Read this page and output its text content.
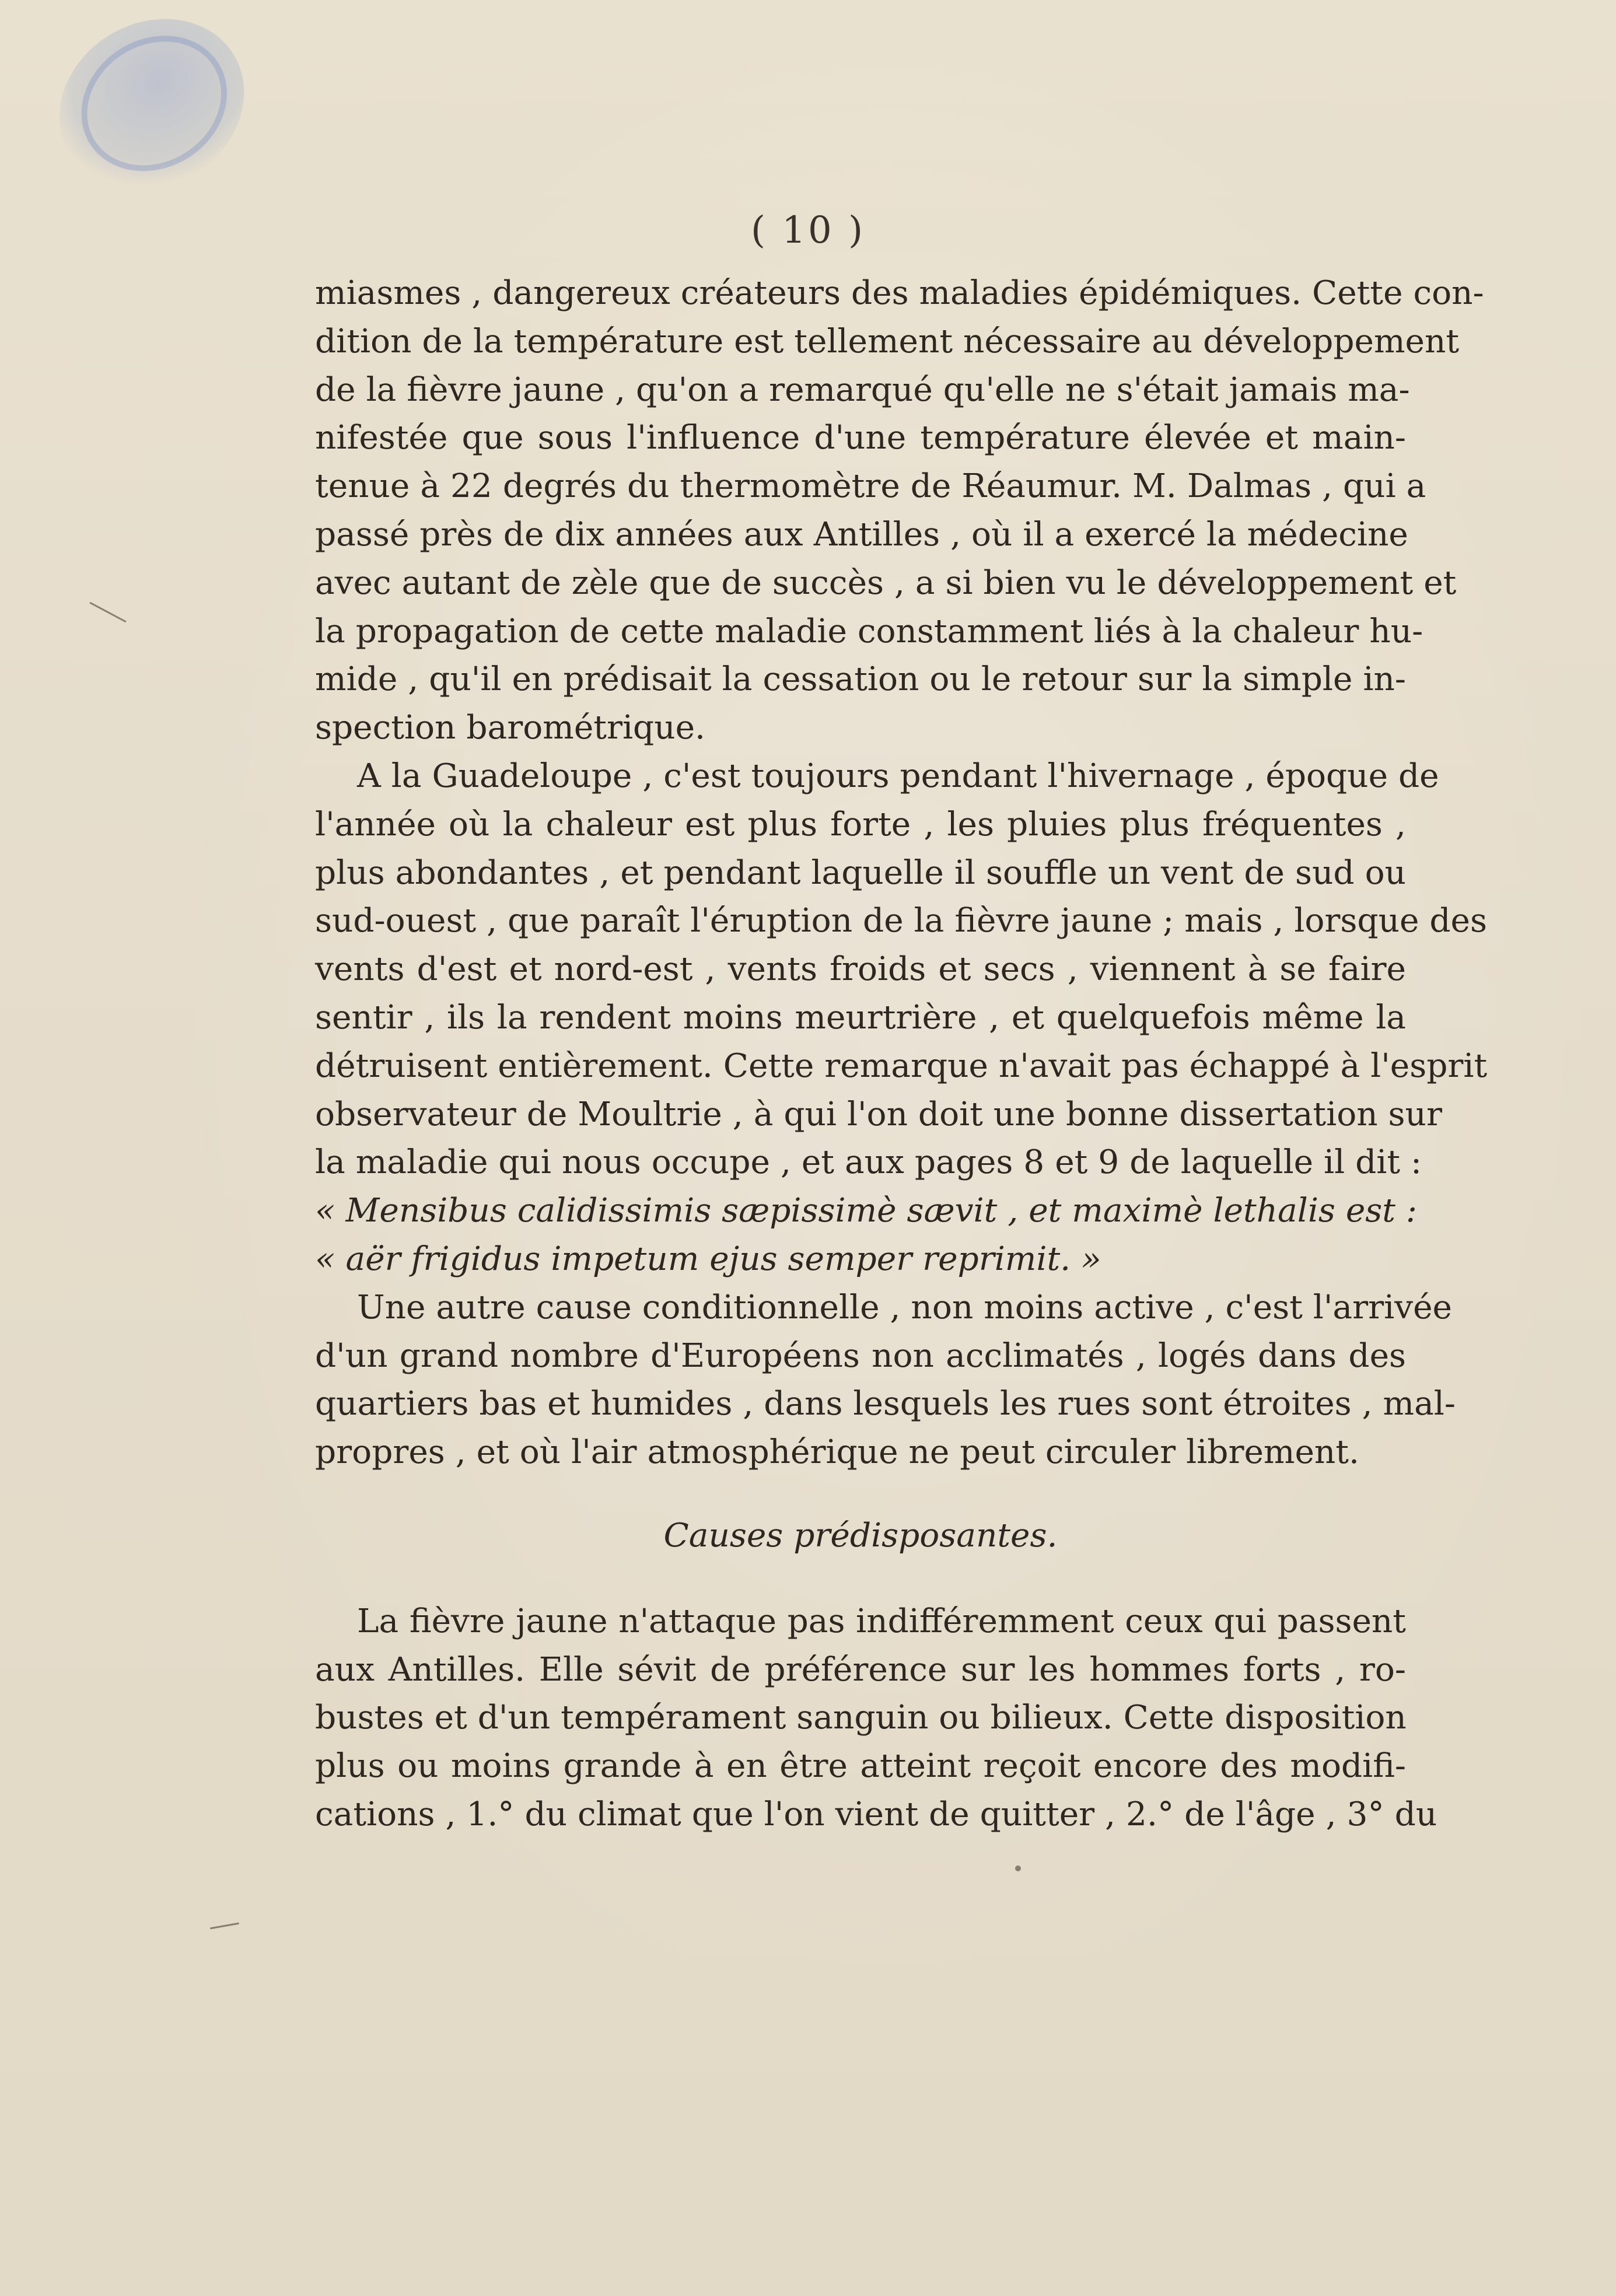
( 10 )
miasmes , dangereux créateurs des maladies épidémiques. Cette con-
dition de la température est tellement nécessaire au développement
de la fièvre jaune , qu'on a remarqué qu'elle ne s'était jamais ma-
nifestée que sous l'influence d'une température élevée et main-
tenue à 22 degrés du thermomètre de Réaumur. M. Dalmas , qui a
passé près de dix années aux Antilles , où il a exercé la médecine
avec autant de zèle que de succès , a si bien vu le développement et
la propagation de cette maladie constamment liés à la chaleur hu-
mide , qu'il en prédisait la cessation ou le retour sur la simple in-
spection barométrique.
A la Guadeloupe , c'est toujours pendant l'hivernage , époque de
l'année où la chaleur est plus forte , les pluies plus fréquentes ,
plus abondantes , et pendant laquelle il souffle un vent de sud ou
sud-ouest , que paraît l'éruption de la fièvre jaune ; mais , lorsque des
vents d'est et nord-est , vents froids et secs , viennent à se faire
sentir , ils la rendent moins meurtrière , et quelquefois même la
détruisent entièrement. Cette remarque n'avait pas échappé à l'esprit
observateur de Moultrie , à qui l'on doit une bonne dissertation sur
la maladie qui nous occupe , et aux pages 8 et 9 de laquelle il dit :
« Mensibus calidissimis sæpissimè sævit , et maximè lethalis est :
« aër frigidus impetum ejus semper reprimit. »
Une autre cause conditionnelle , non moins active , c'est l'arrivée
d'un grand nombre d'Européens non acclimatés , logés dans des
quartiers bas et humides , dans lesquels les rues sont étroites , mal-
propres , et où l'air atmosphérique ne peut circuler librement.
Causes prédisposantes.
La fièvre jaune n'attaque pas indifféremment ceux qui passent
aux Antilles. Elle sévit de préférence sur les hommes forts , ro-
bustes et d'un tempérament sanguin ou bilieux. Cette disposition
plus ou moins grande à en être atteint reçoit encore des modifi-
cations , 1.° du climat que l'on vient de quitter , 2.° de l'âge , 3° du
